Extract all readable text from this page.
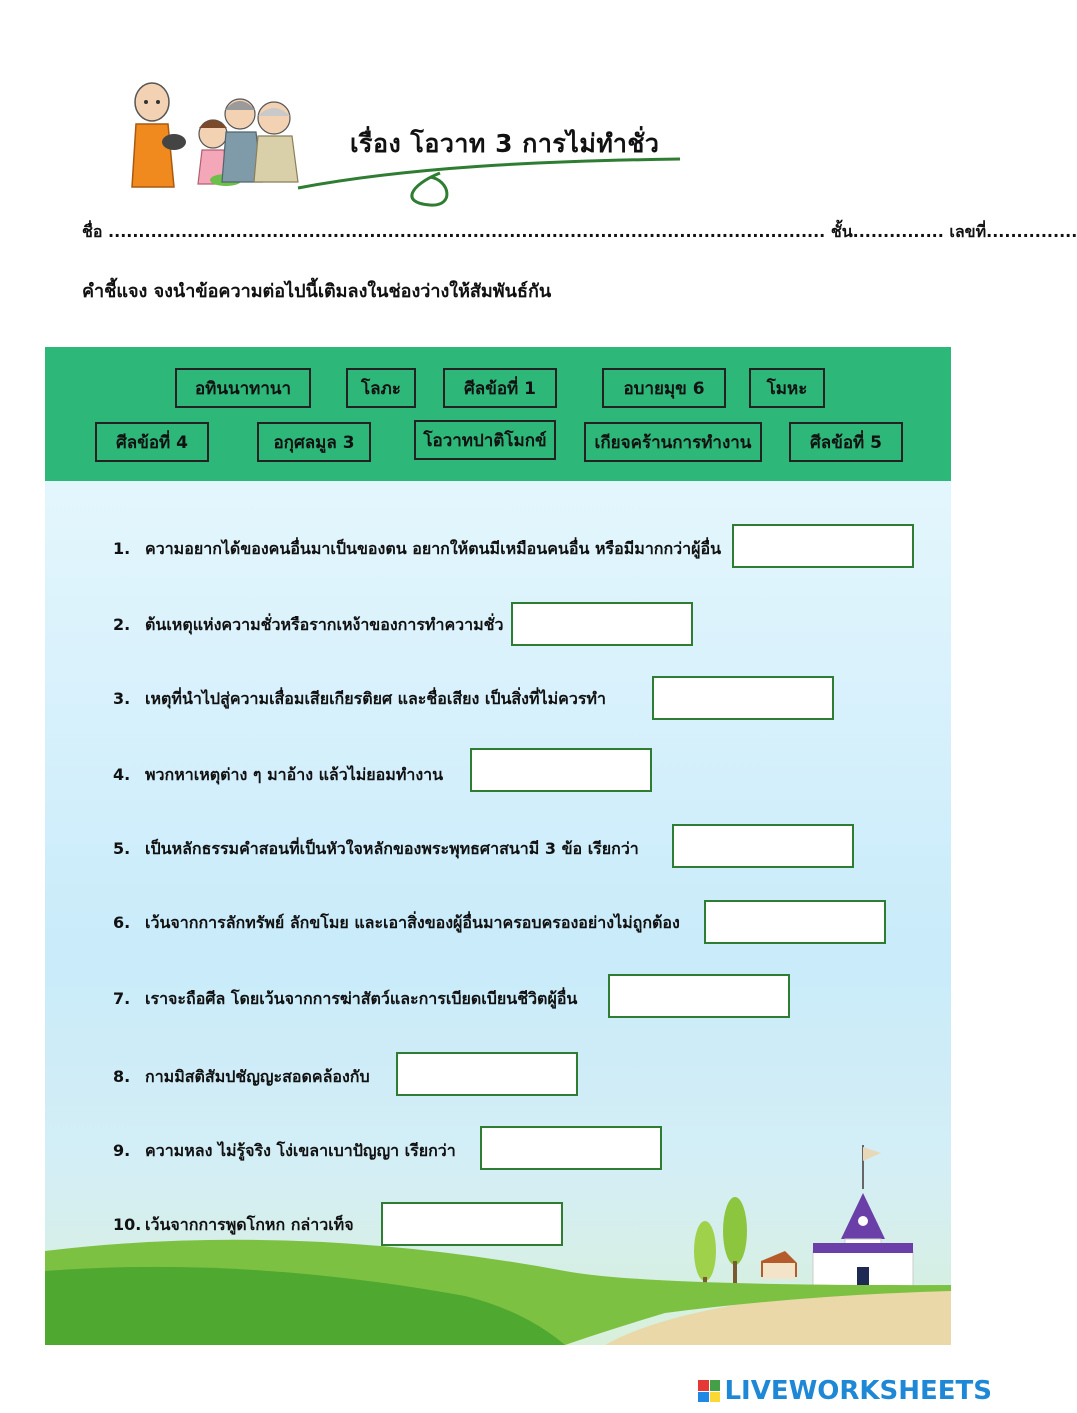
เรื่อง โอวาท 3 การไม่ทำชั่ว
ชื่อ ...................................................................................................................... ชั้น............... เลขที่...............
คำชี้แจง จงนำข้อความต่อไปนี้เติมลงในช่องว่างให้สัมพันธ์กัน
อทินนาทานา	โลภะ	ศีลข้อที่ 1	อบายมุข 6	โมหะ
ศีลข้อที่ 4	อกุศลมูล 3	โอวาทปาติโมกข์	เกียจคร้านการทำงาน	ศีลข้อที่ 5
1. ความอยากได้ของคนอื่นมาเป็นของตน อยากให้ตนมีเหมือนคนอื่น หรือมีมากกว่าผู้อื่น
2. ต้นเหตุแห่งความชั่วหรือรากเหง้าของการทำความชั่ว
3. เหตุที่นำไปสู่ความเสื่อมเสียเกียรติยศ และชื่อเสียง เป็นสิ่งที่ไม่ควรทำ
4. พวกหาเหตุต่าง ๆ มาอ้าง แล้วไม่ยอมทำงาน
5. เป็นหลักธรรมคำสอนที่เป็นหัวใจหลักของพระพุทธศาสนามี 3 ข้อ เรียกว่า
6. เว้นจากการลักทรัพย์ ลักขโมย และเอาสิ่งของผู้อื่นมาครอบครองอย่างไม่ถูกต้อง
7. เราจะถือศีล โดยเว้นจากการฆ่าสัตว์และการเบียดเบียนชีวิตผู้อื่น
8. กามมิสติสัมปชัญญะสอดคล้องกับ
9. ความหลง ไม่รู้จริง โง่เขลาเบาปัญญา เรียกว่า
10. เว้นจากการพูดโกหก กล่าวเท็จ
LIVEWORKSHEETS
